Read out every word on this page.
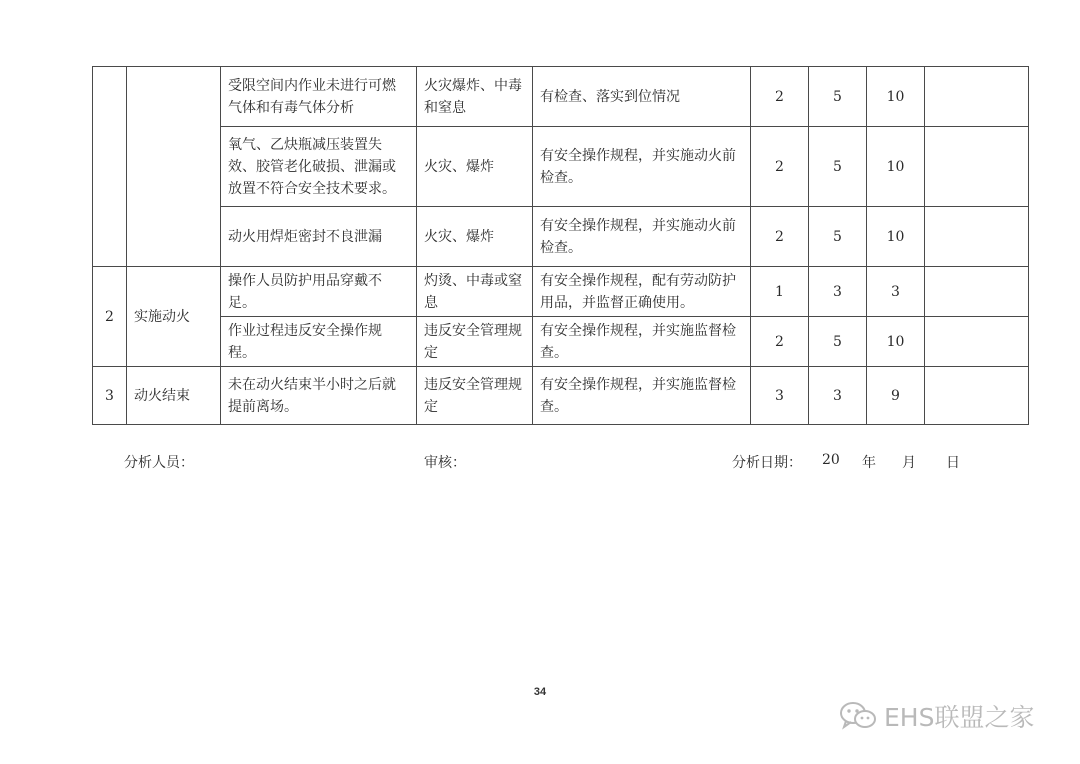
		受限空间内作业未进行可燃气体和有毒气体分析	火灾爆炸、中毒和窒息	有检查、落实到位情况	2	5	10	
		氧气、乙炔瓶减压装置失效、胶管老化破损、泄漏或放置不符合安全技术要求。	火灾、爆炸	有安全操作规程，并实施动火前检查。	2	5	10	
		动火用焊炬密封不良泄漏	火灾、爆炸	有安全操作规程，并实施动火前检查。	2	5	10	
2	实施动火	操作人员防护用品穿戴不足。	灼烫、中毒或窒息	有安全操作规程，配有劳动防护用品，并监督正确使用。	1	3	3	
		作业过程违反安全操作规程。	违反安全管理规定	有安全操作规程，并实施监督检查。	2	5	10	
3	动火结束	未在动火结束半小时之后就提前离场。	违反安全管理规定	有安全操作规程，并实施监督检查。	3	3	9	
分析人员：	审核：	分析日期： 20 年 月 日
34
EHS联盟之家
